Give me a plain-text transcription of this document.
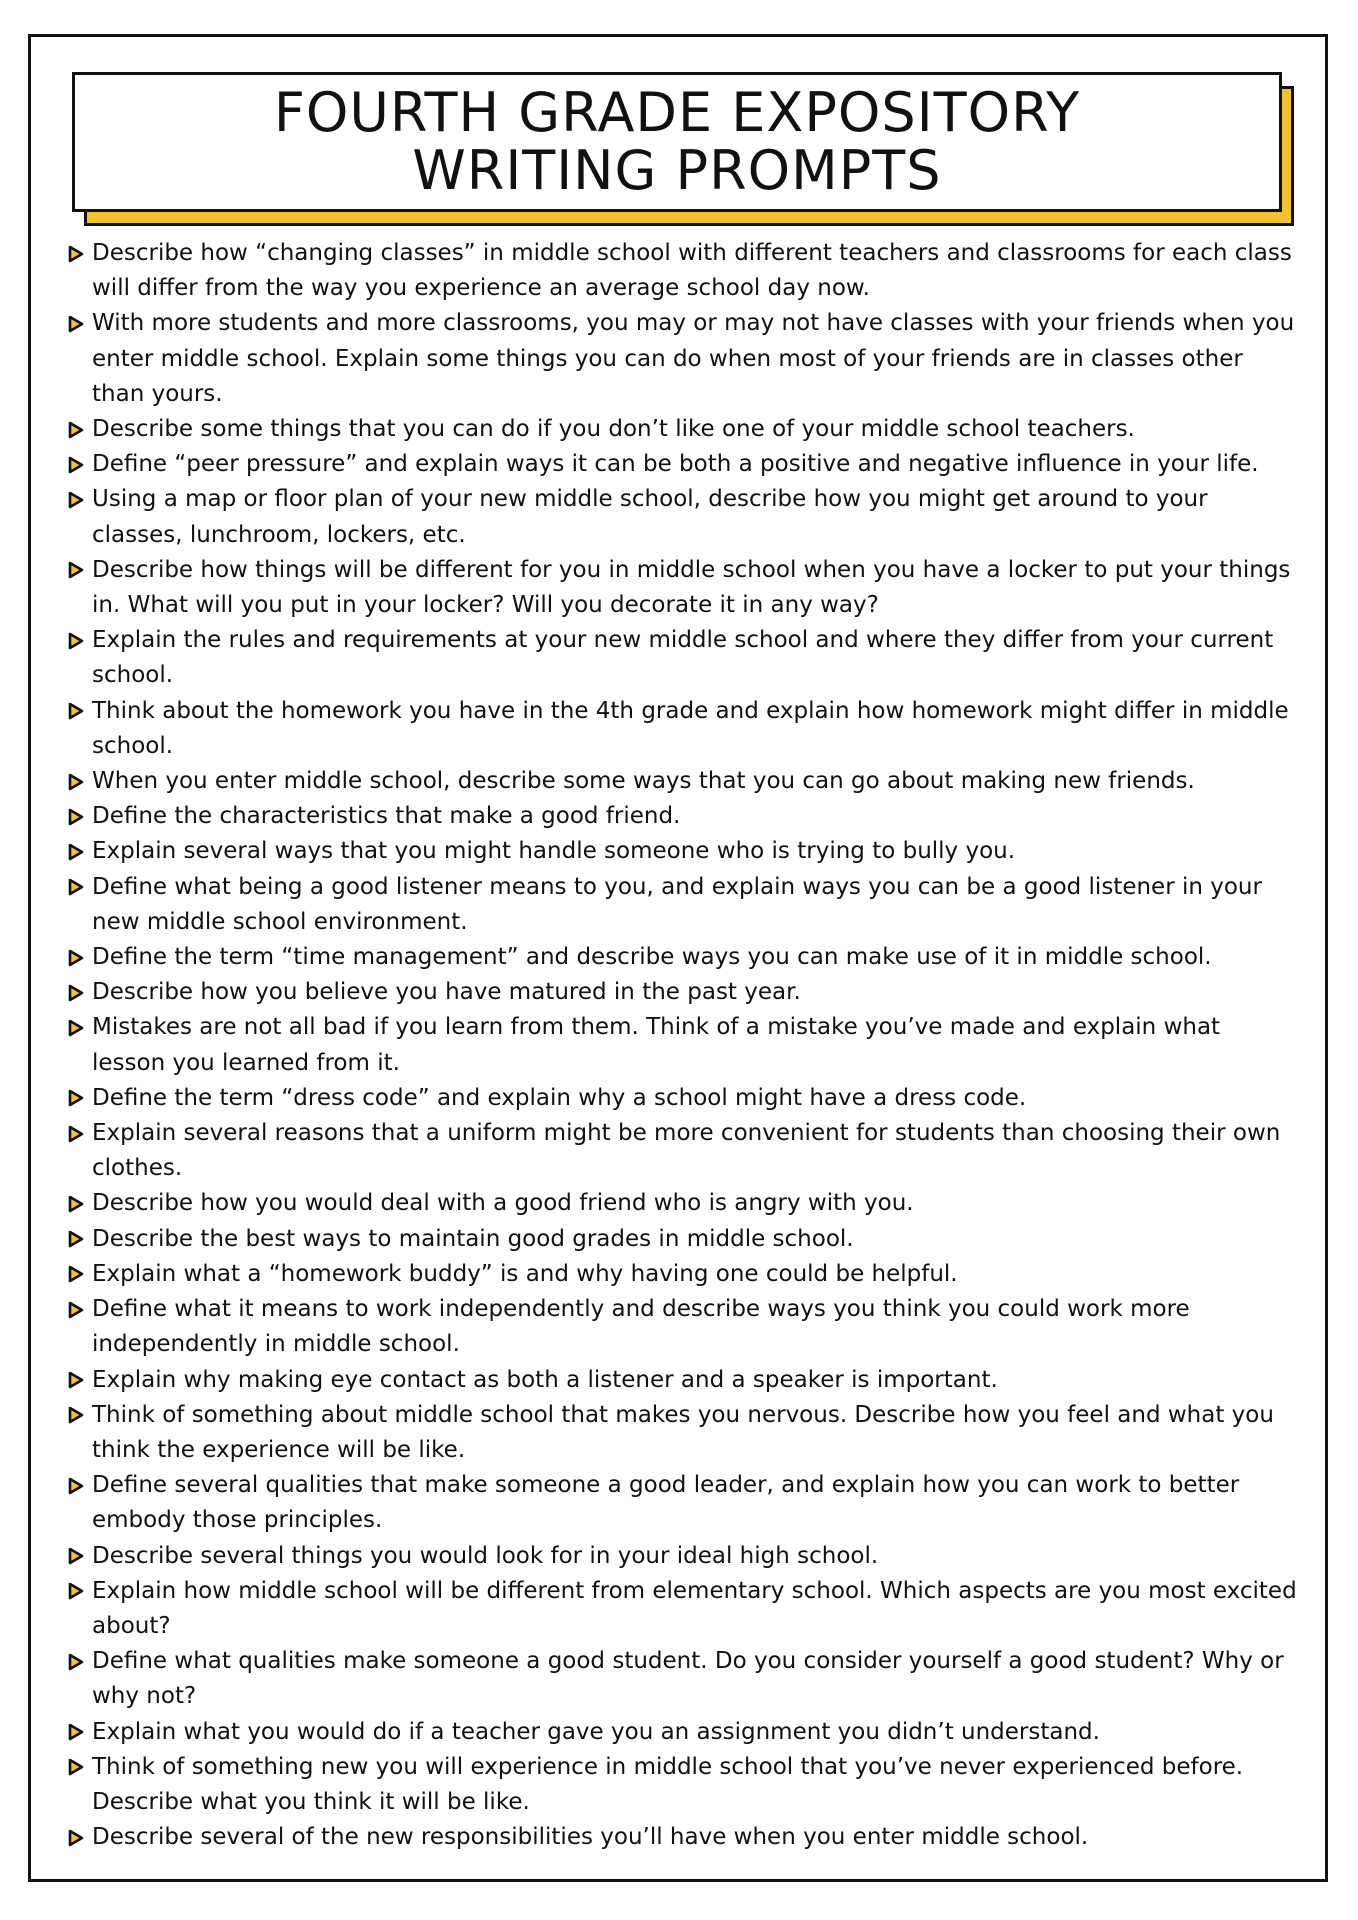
FOURTH GRADE EXPOSITORY
WRITING PROMPTS
Describe how “changing classes” in middle school with different teachers and classrooms for each class will differ from the way you experience an average school day now.
With more students and more classrooms, you may or may not have classes with your friends when you enter middle school. Explain some things you can do when most of your friends are in classes other than yours.
Describe some things that you can do if you don’t like one of your middle school teachers.
Define “peer pressure” and explain ways it can be both a positive and negative influence in your life.
Using a map or floor plan of your new middle school, describe how you might get around to your classes, lunchroom, lockers, etc.
Describe how things will be different for you in middle school when you have a locker to put your things in. What will you put in your locker? Will you decorate it in any way?
Explain the rules and requirements at your new middle school and where they differ from your current school.
Think about the homework you have in the 4th grade and explain how homework might differ in middle school.
When you enter middle school, describe some ways that you can go about making new friends.
Define the characteristics that make a good friend.
Explain several ways that you might handle someone who is trying to bully you.
Define what being a good listener means to you, and explain ways you can be a good listener in your new middle school environment.
Define the term “time management” and describe ways you can make use of it in middle school.
Describe how you believe you have matured in the past year.
Mistakes are not all bad if you learn from them. Think of a mistake you’ve made and explain what lesson you learned from it.
Define the term “dress code” and explain why a school might have a dress code.
Explain several reasons that a uniform might be more convenient for students than choosing their own clothes.
Describe how you would deal with a good friend who is angry with you.
Describe the best ways to maintain good grades in middle school.
Explain what a “homework buddy” is and why having one could be helpful.
Define what it means to work independently and describe ways you think you could work more independently in middle school.
Explain why making eye contact as both a listener and a speaker is important.
Think of something about middle school that makes you nervous. Describe how you feel and what you think the experience will be like.
Define several qualities that make someone a good leader, and explain how you can work to better embody those principles.
Describe several things you would look for in your ideal high school.
Explain how middle school will be different from elementary school. Which aspects are you most excited about?
Define what qualities make someone a good student. Do you consider yourself a good student? Why or why not?
Explain what you would do if a teacher gave you an assignment you didn’t understand.
Think of something new you will experience in middle school that you’ve never experienced before. Describe what you think it will be like.
Describe several of the new responsibilities you’ll have when you enter middle school.
